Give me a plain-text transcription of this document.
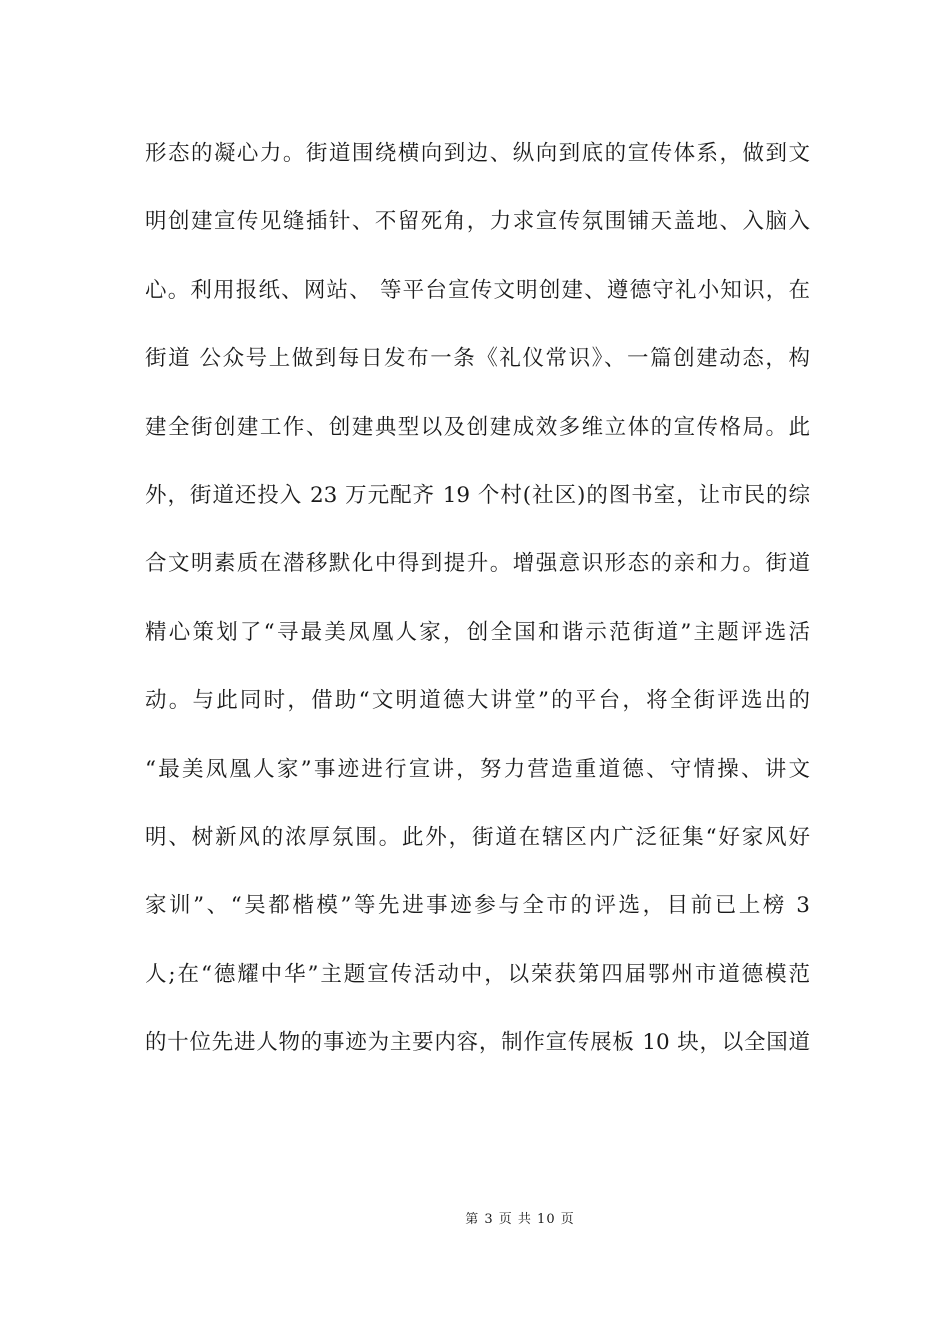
形态的凝心力。街道围绕横向到边、纵向到底的宣传体系，做到文
明创建宣传见缝插针、不留死角，力求宣传氛围铺天盖地、入脑入
心。利用报纸、网站、 等平台宣传文明创建、遵德守礼小知识，在
街道 公众号上做到每日发布一条《礼仪常识》、一篇创建动态，构
建全街创建工作、创建典型以及创建成效多维立体的宣传格局。此
外，街道还投入 23 万元配齐 19 个村(社区)的图书室，让市民的综
合文明素质在潜移默化中得到提升。增强意识形态的亲和力。街道
精心策划了“寻最美凤凰人家，创全国和谐示范街道”主题评选活
动。与此同时，借助“文明道德大讲堂”的平台，将全街评选出的
“最美凤凰人家”事迹进行宣讲，努力营造重道德、守情操、讲文
明、树新风的浓厚氛围。此外，街道在辖区内广泛征集“好家风好
家训”、“吴都楷模”等先进事迹参与全市的评选，目前已上榜 3
人;在“德耀中华”主题宣传活动中，以荣获第四届鄂州市道德模范
的十位先进人物的事迹为主要内容，制作宣传展板 10 块，以全国道
第 3 页 共 10 页
